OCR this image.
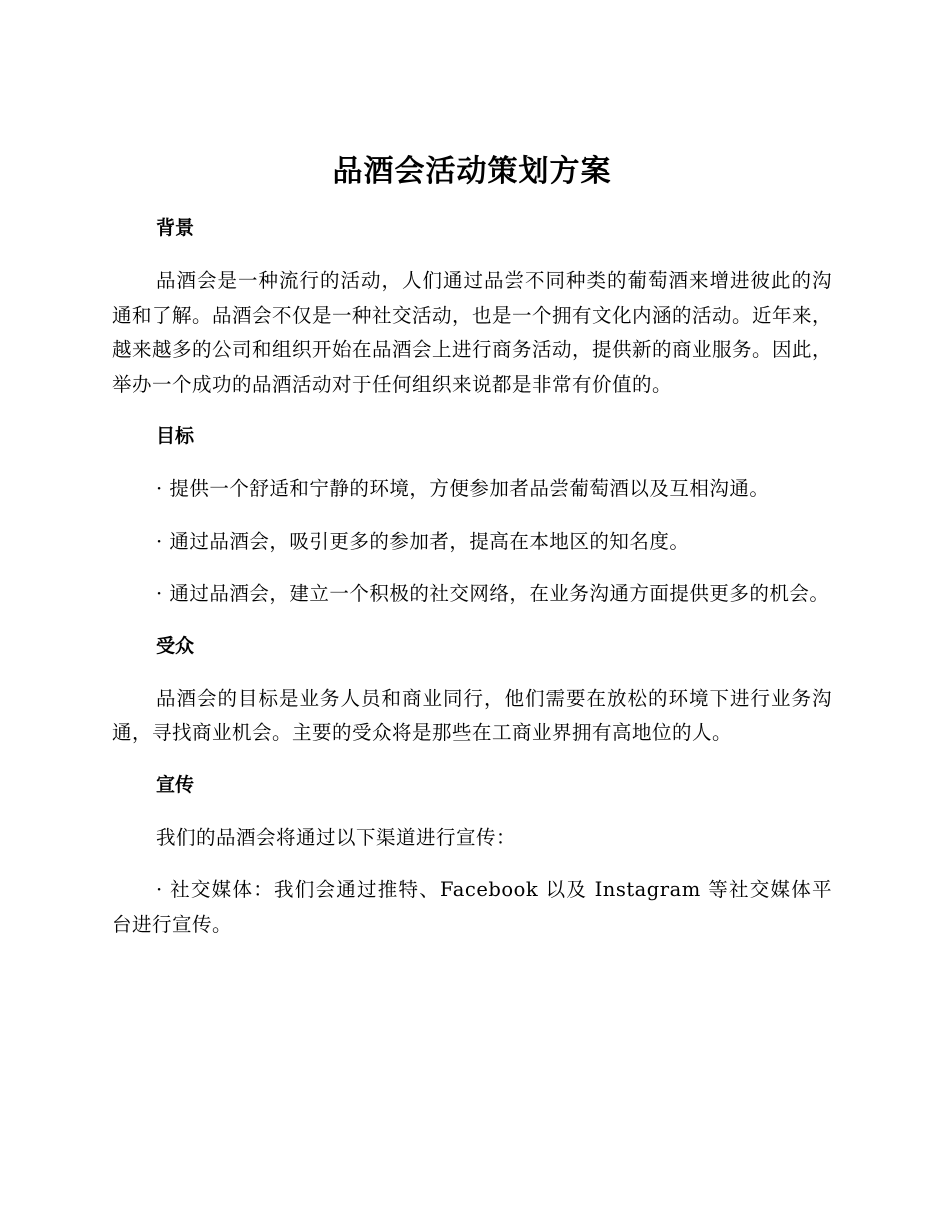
品酒会活动策划方案
背景

品酒会是一种流行的活动，人们通过品尝不同种类的葡萄酒来增进彼此的沟通和了解。品酒会不仅是一种社交活动，也是一个拥有文化内涵的活动。近年来，越来越多的公司和组织开始在品酒会上进行商务活动，提供新的商业服务。因此，举办一个成功的品酒活动对于任何组织来说都是非常有价值的。

目标

· 提供一个舒适和宁静的环境，方便参加者品尝葡萄酒以及互相沟通。

· 通过品酒会，吸引更多的参加者，提高在本地区的知名度。

· 通过品酒会，建立一个积极的社交网络，在业务沟通方面提供更多的机会。

受众

品酒会的目标是业务人员和商业同行，他们需要在放松的环境下进行业务沟通，寻找商业机会。主要的受众将是那些在工商业界拥有高地位的人。

宣传

我们的品酒会将通过以下渠道进行宣传：

· 社交媒体：我们会通过推特、Facebook 以及 Instagram 等社交媒体平台进行宣传。
